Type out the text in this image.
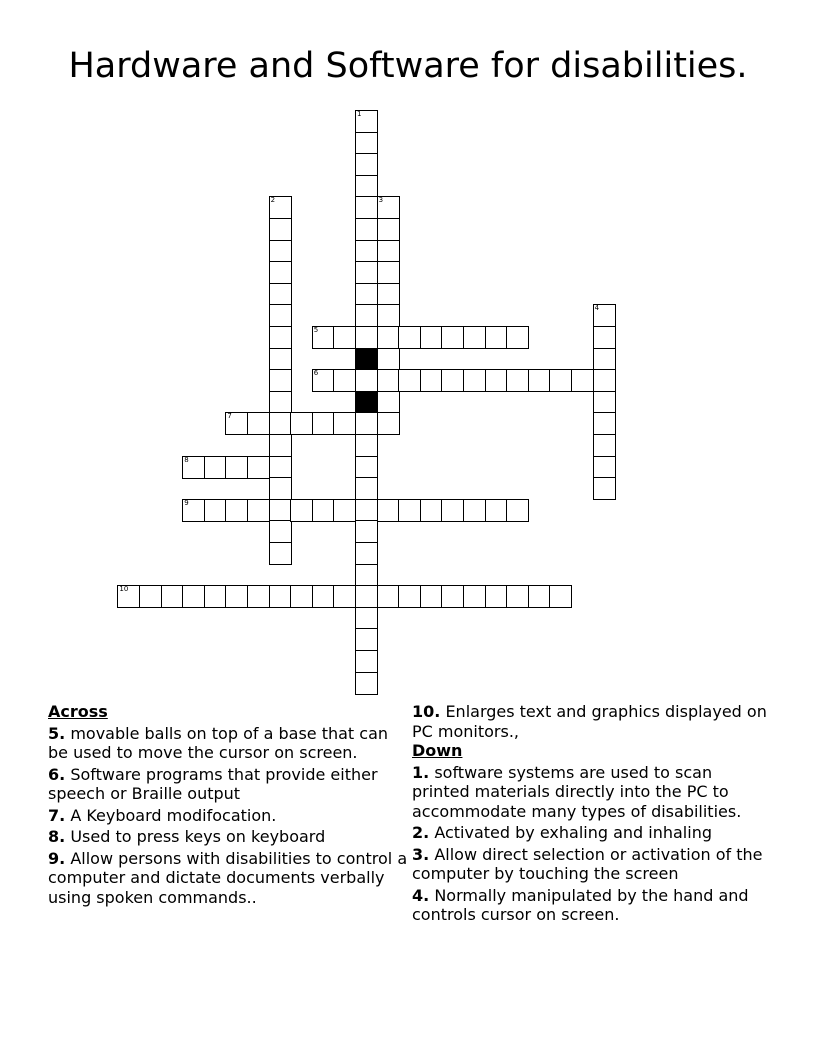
Hardware and Software for disabilities.
1
2	3
4
5
6
7
8
9
10
Across
5. movable balls on top of a base that can be used to move the cursor on screen.
6. Software programs that provide either speech or Braille output
7. A Keyboard modifocation.
8. Used to press keys on keyboard
9. Allow persons with disabilities to control a computer and dictate documents verbally using spoken commands..
10. Enlarges text and graphics displayed on PC monitors.,
Down
1. software systems are used to scan printed materials directly into the PC to accommodate many types of disabilities.
2. Activated by exhaling and inhaling
3. Allow direct selection or activation of the computer by touching the screen
4. Normally manipulated by the hand and controls cursor on screen.
